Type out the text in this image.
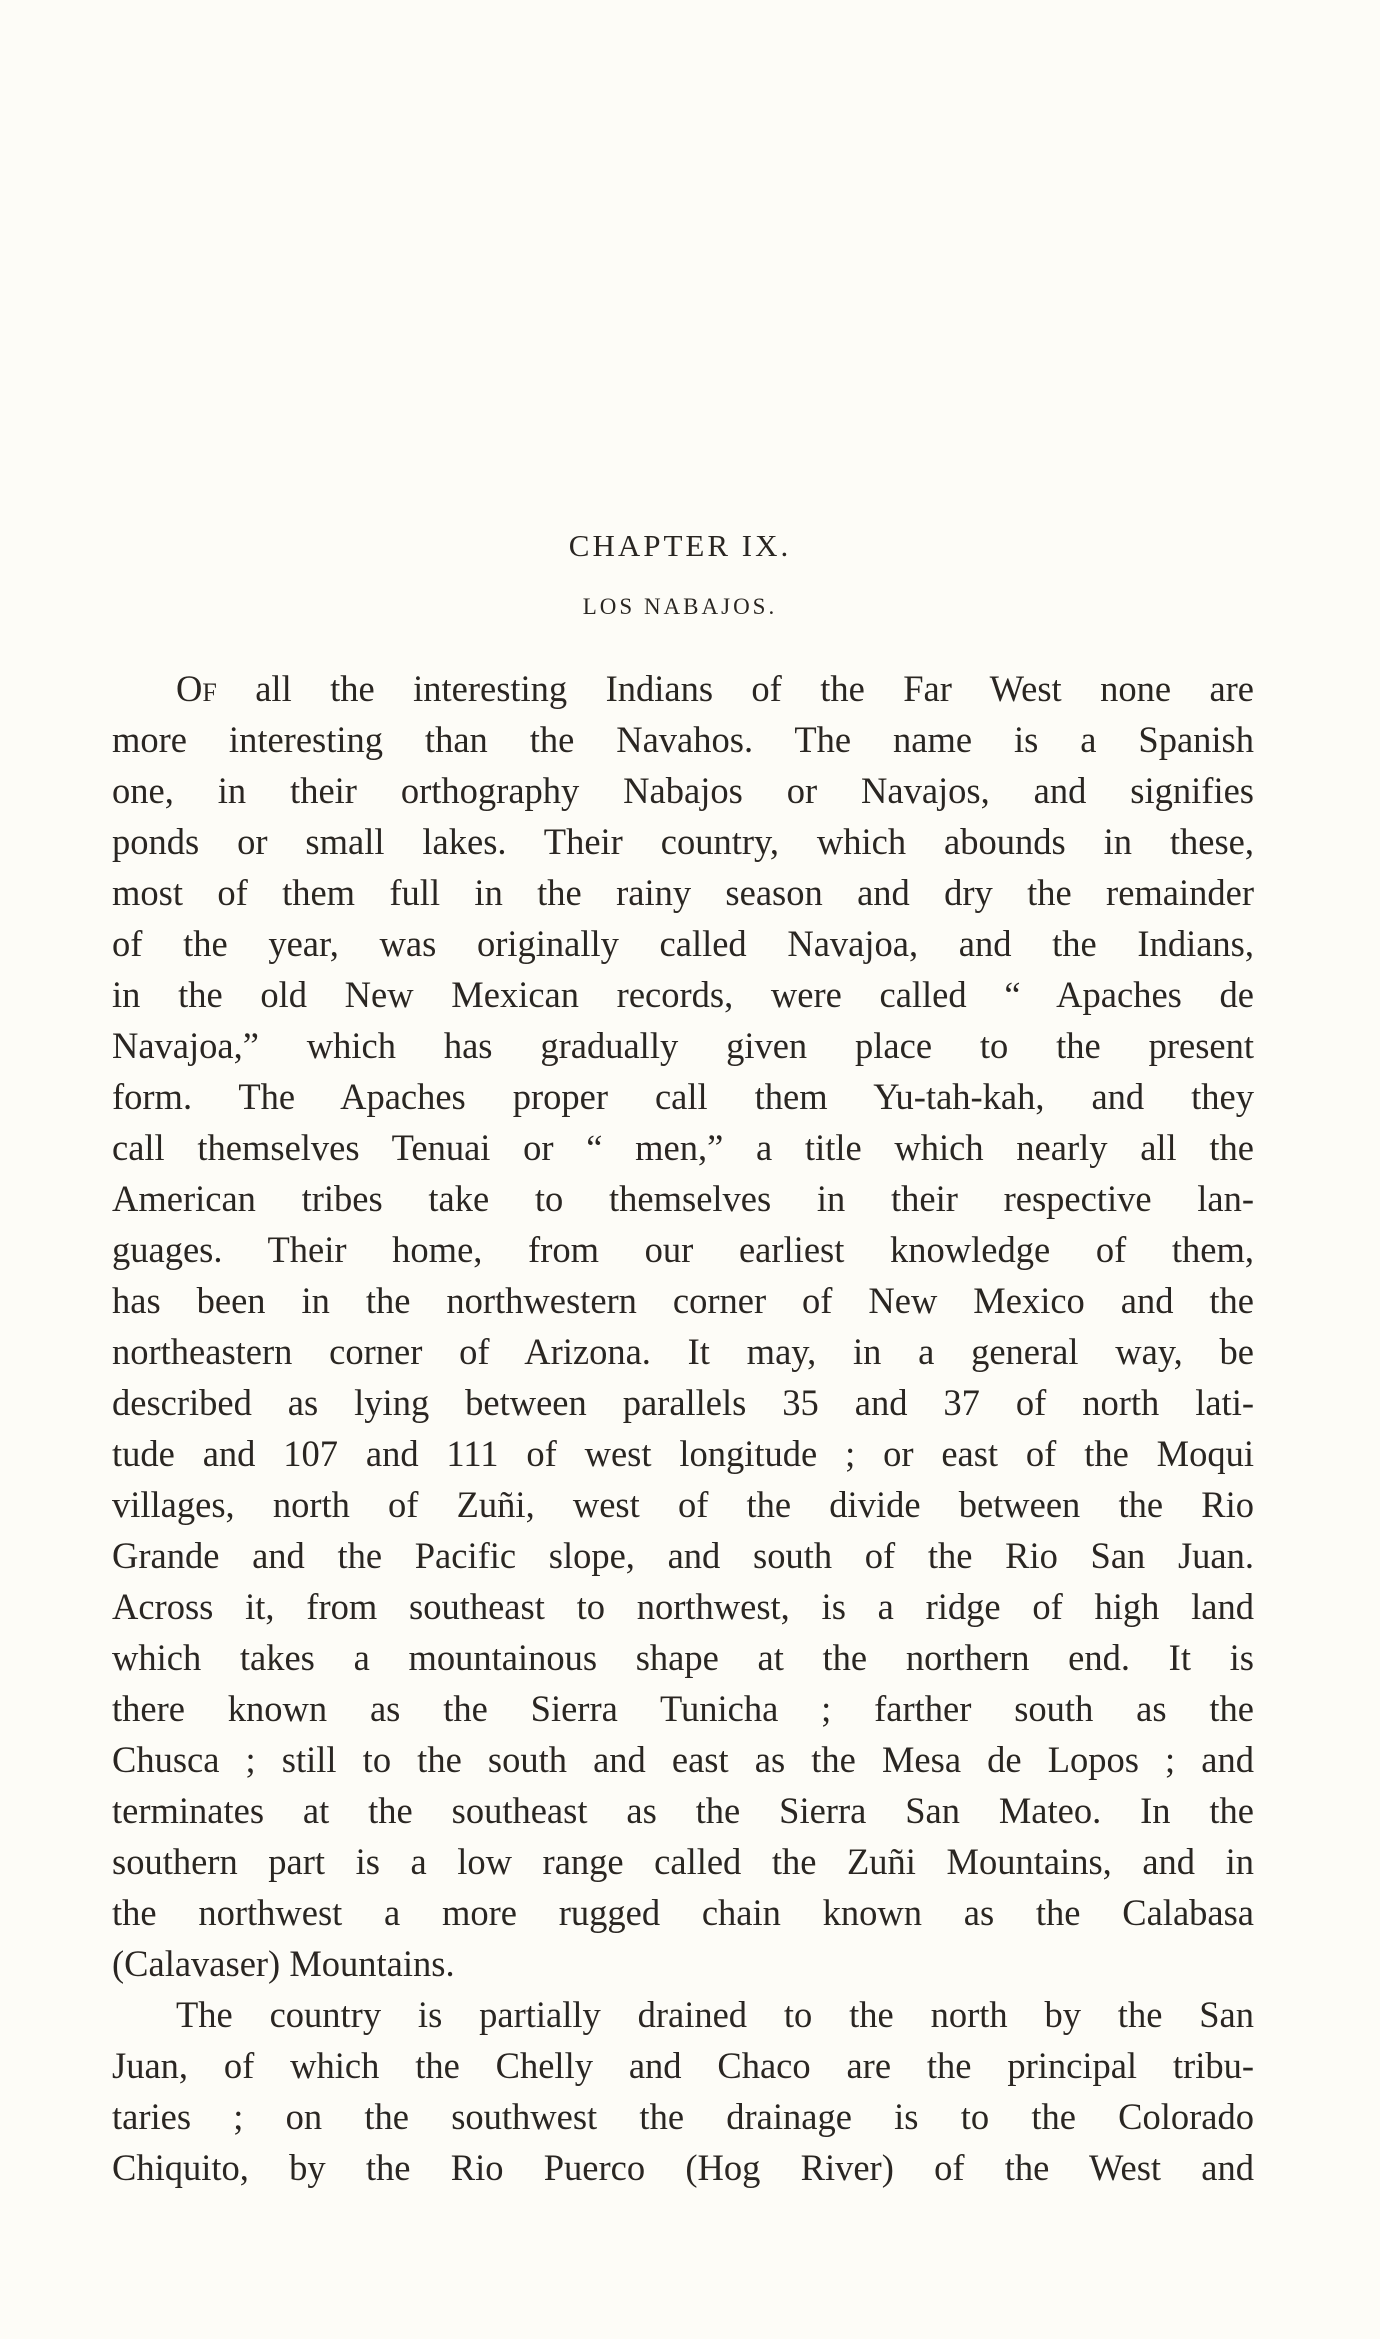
CHAPTER IX.
LOS NABAJOS.
Of all the interesting Indians of the Far West none are
more interesting than the Navahos. The name is a Spanish
one, in their orthography Nabajos or Navajos, and signifies
ponds or small lakes. Their country, which abounds in these,
most of them full in the rainy season and dry the remainder
of the year, was originally called Navajoa, and the Indians,
in the old New Mexican records, were called “ Apaches de
Navajoa,” which has gradually given place to the present
form. The Apaches proper call them Yu-tah-kah, and they
call themselves Tenuai or “ men,” a title which nearly all the
American tribes take to themselves in their respective lan-
guages. Their home, from our earliest knowledge of them,
has been in the northwestern corner of New Mexico and the
northeastern corner of Arizona. It may, in a general way, be
described as lying between parallels 35 and 37 of north lati-
tude and 107 and 111 of west longitude ; or east of the Moqui
villages, north of Zuñi, west of the divide between the Rio
Grande and the Pacific slope, and south of the Rio San Juan.
Across it, from southeast to northwest, is a ridge of high land
which takes a mountainous shape at the northern end. It is
there known as the Sierra Tunicha ; farther south as the
Chusca ; still to the south and east as the Mesa de Lopos ; and
terminates at the southeast as the Sierra San Mateo. In the
southern part is a low range called the Zuñi Mountains, and in
the northwest a more rugged chain known as the Calabasa
(Calavaser) Mountains.
The country is partially drained to the north by the San
Juan, of which the Chelly and Chaco are the principal tribu-
taries ; on the southwest the drainage is to the Colorado
Chiquito, by the Rio Puerco (Hog River) of the West and
